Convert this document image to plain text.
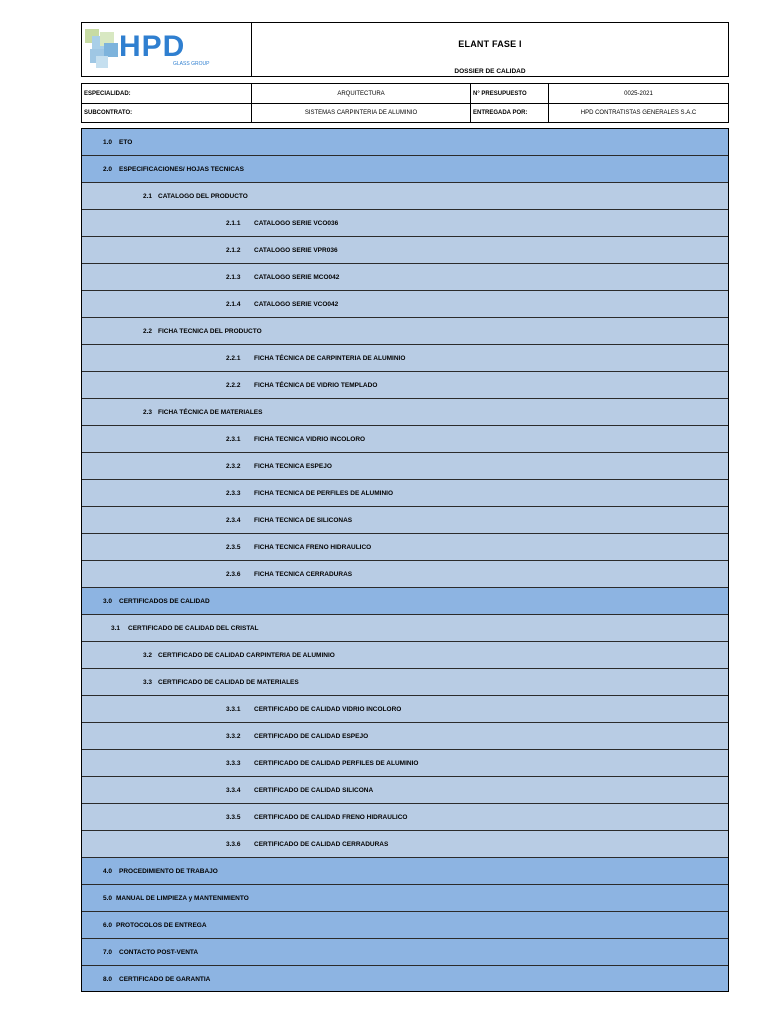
HPD
GLASS GROUP
ELANT FASE I
DOSSIER DE CALIDAD
ESPECIALIDAD:	ARQUITECTURA	N° PRESUPUESTO	0025-2021
SUBCONTRATO:	SISTEMAS CARPINTERIA DE ALUMINIO	ENTREGADA POR:	HPD CONTRATISTAS GENERALES S.A.C
1.0 ETO
2.0 ESPECIFICACIONES/ HOJAS TECNICAS
2.1 CATALOGO DEL PRODUCTO
2.1.1 CATALOGO SERIE VCO036
2.1.2 CATALOGO SERIE VPR036
2.1.3 CATALOGO SERIE MCO042
2.1.4 CATALOGO SERIE VCO042
2.2 FICHA TECNICA DEL PRODUCTO
2.2.1 FICHA TÉCNICA DE CARPINTERIA DE ALUMINIO
2.2.2 FICHA TÉCNICA DE VIDRIO TEMPLADO
2.3 FICHA TÉCNICA DE MATERIALES
2.3.1 FICHA TECNICA VIDRIO INCOLORO
2.3.2 FICHA TECNICA ESPEJO
2.3.3 FICHA TECNICA DE PERFILES DE ALUMINIO
2.3.4 FICHA TECNICA DE SILICONAS
2.3.5 FICHA TECNICA FRENO HIDRAULICO
2.3.6 FICHA TECNICA CERRADURAS
3.0 CERTIFICADOS DE CALIDAD
3.1 CERTIFICADO DE CALIDAD DEL CRISTAL
3.2 CERTIFICADO DE CALIDAD CARPINTERIA DE ALUMINIO
3.3 CERTIFICADO DE CALIDAD DE MATERIALES
3.3.1 CERTIFICADO DE CALIDAD VIDRIO INCOLORO
3.3.2 CERTIFICADO DE CALIDAD ESPEJO
3.3.3 CERTIFICADO DE CALIDAD PERFILES DE ALUMINIO
3.3.4 CERTIFICADO DE CALIDAD SILICONA
3.3.5 CERTIFICADO DE CALIDAD FRENO HIDRAULICO
3.3.6 CERTIFICADO DE CALIDAD CERRADURAS
4.0 PROCEDIMIENTO DE TRABAJO
5.0 MANUAL DE LIMPIEZA y MANTENIMIENTO
6.0 PROTOCOLOS DE ENTREGA
7.0 CONTACTO POST-VENTA
8.0 CERTIFICADO DE GARANTIA
